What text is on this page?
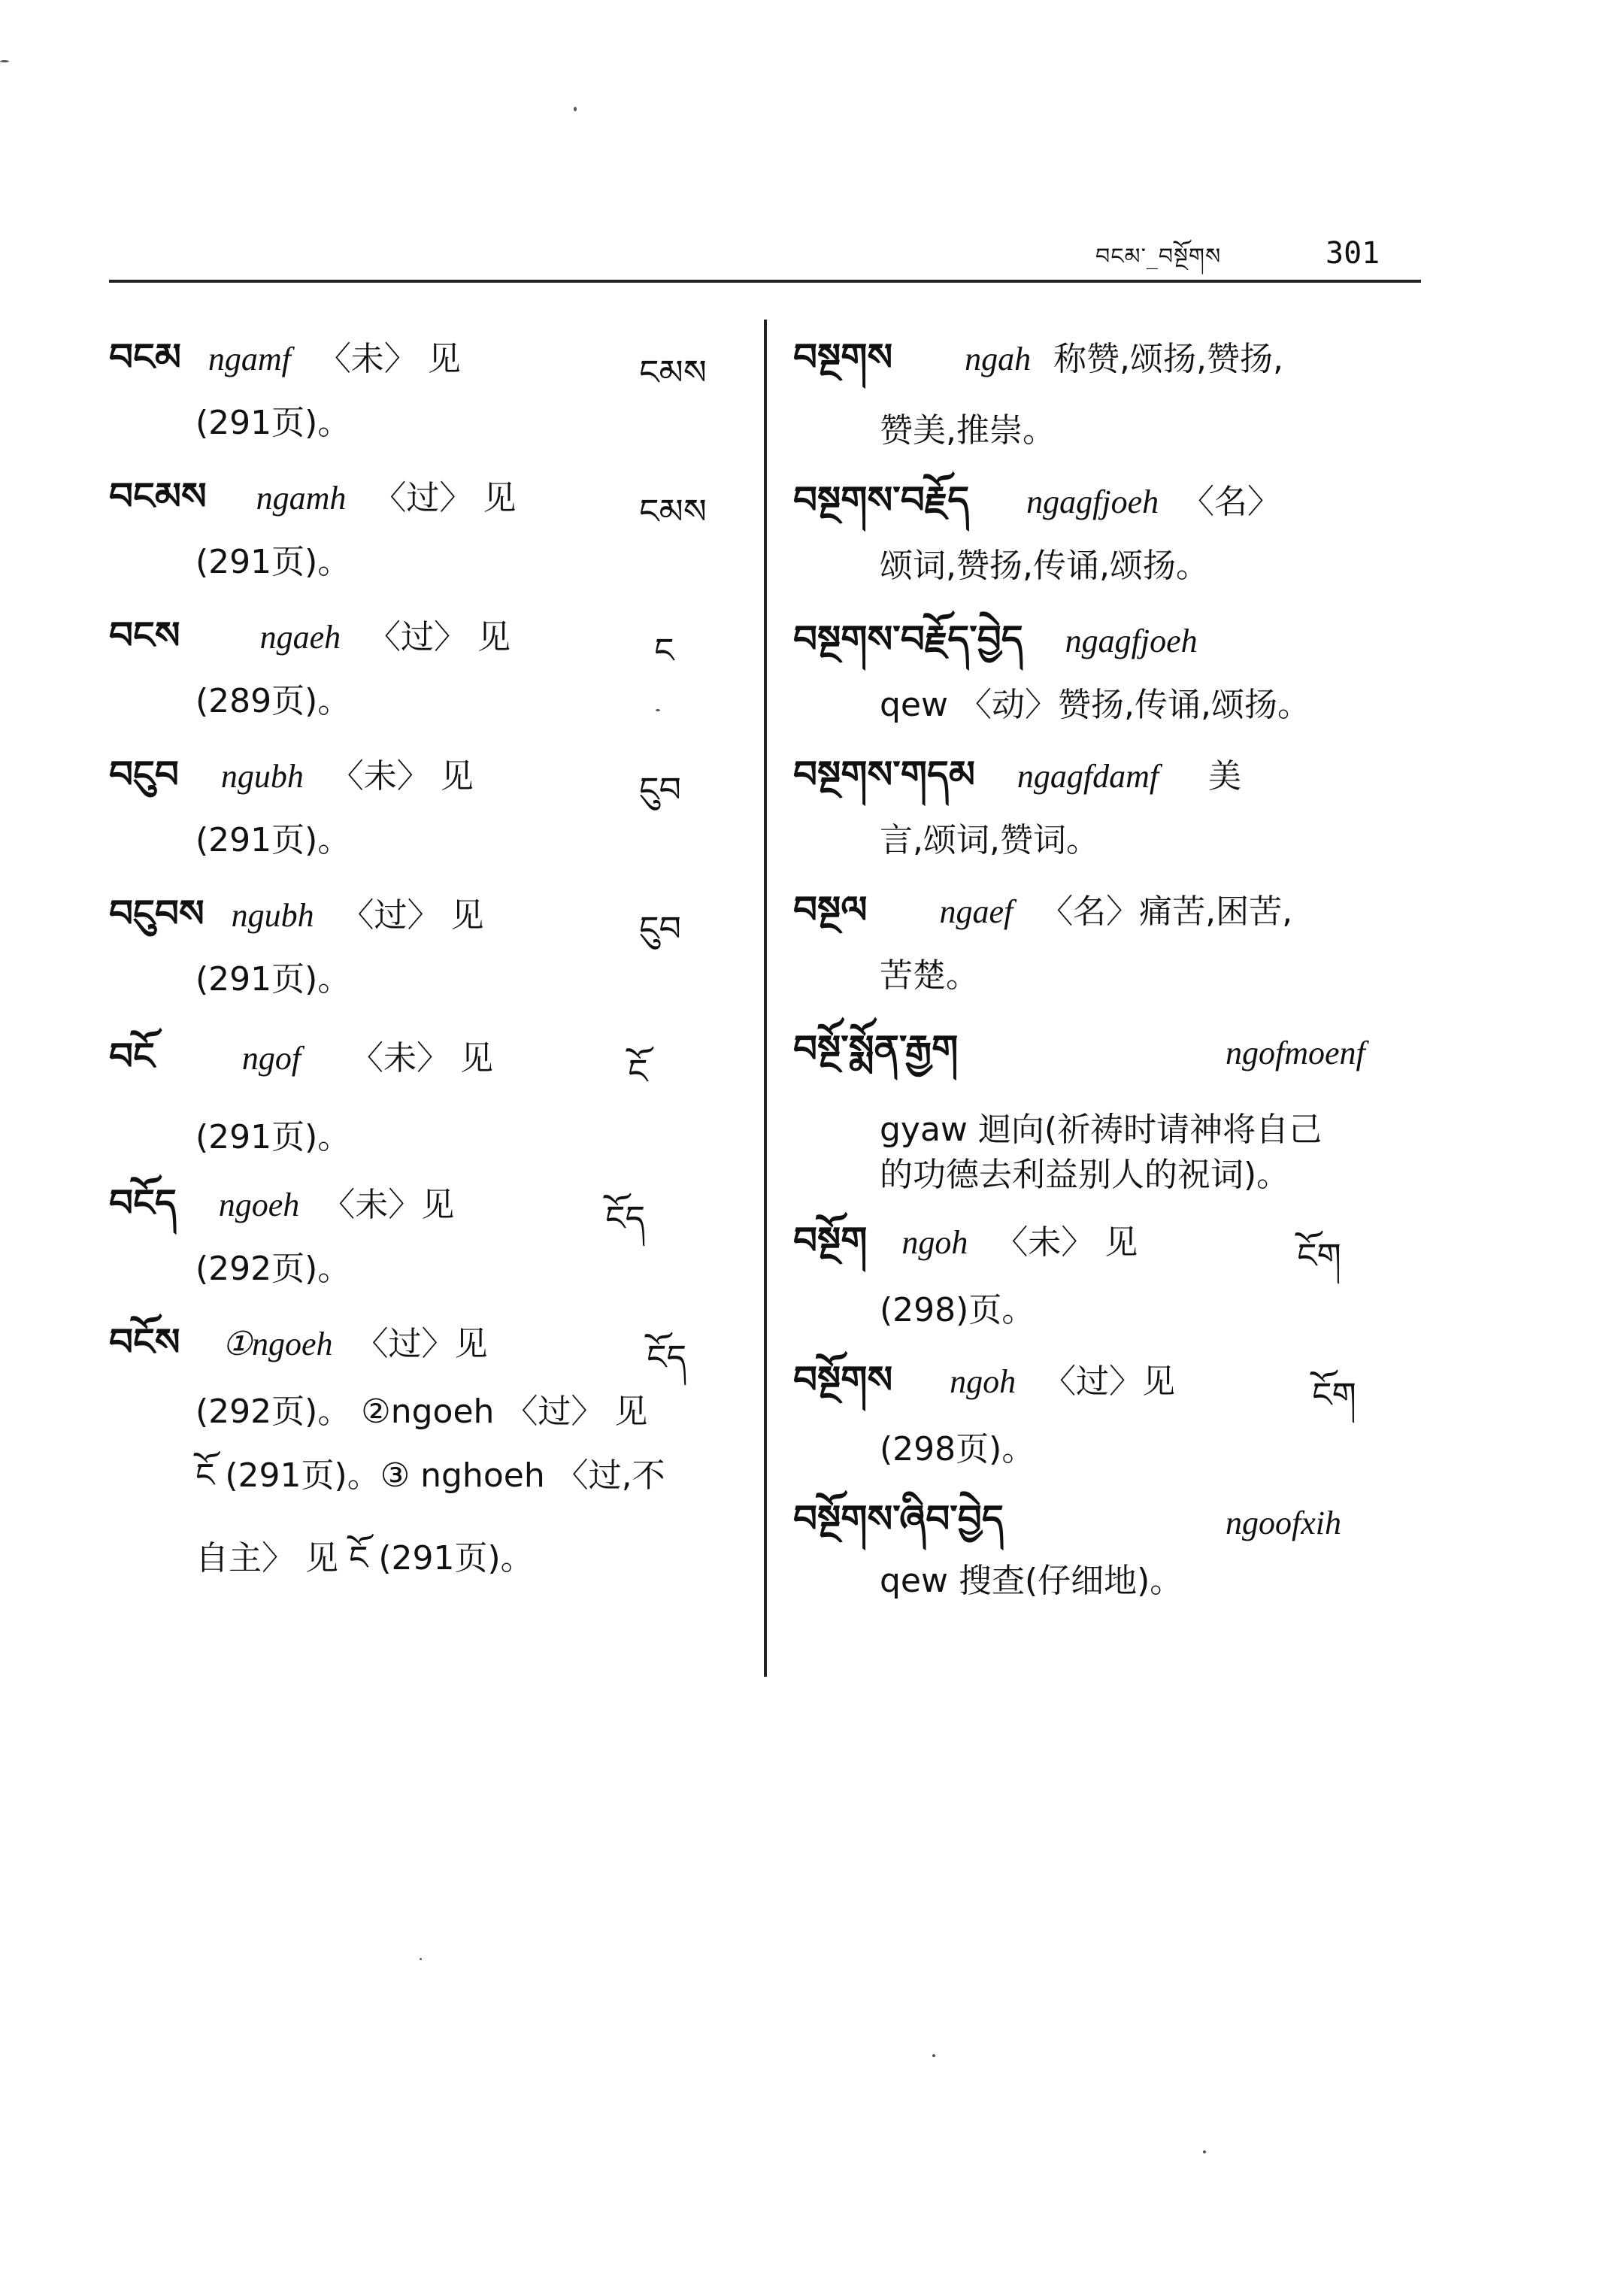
བངམ་_བསྔོགས	301
བངམ ngamf 〈未〉 见	ངམས
(291页)。
བངམས ngamh 〈过〉 见	ངམས
(291页)。
བངས ngaeh 〈过〉 见	ང
(289页)。
བངུབ ngubh 〈未〉 见	ངུབ
(291页)。
བངུབས ngubh 〈过〉 见	ངུབ
(291页)。
བངོ	ngof 〈未〉 见	ངོ
(291页)。
བངོད ngoeh 〈未〉见	ངོད
(292页)。
བངོས ①ngoeh 〈过〉见	ངོད
(292页)。 ②ngoeh 〈过〉 见
ངོ (291页)。③ nghoeh 〈过,不
自主〉 见 ངོ (291页)。
བསྔགས ngah 称赞,颂扬,赞扬,
赞美,推崇。
བསྔགས་བརྗོད ngagfjoeh 〈名〉
颂词,赞扬,传诵,颂扬。
བསྔགས་བརྗོད་བྱེད ngagfjoeh
qew 〈动〉赞扬,传诵,颂扬。
བསྔགས་གདམ ngagfdamf 美
言,颂词,赞词。
བསྔལ ngaef 〈名〉痛苦,困苦,
苦楚。
བསྔོ་སྨོན་རྒྱག	ngofmoenf
gyaw 迴向(祈祷时请神将自己
的功德去利益别人的祝词)。
བསྔོག ngoh 〈未〉 见	ངོག
(298)页。
བསྔོགས ngoh 〈过〉见	ངོག
(298页)。
བསྔོགས་ཞིབ་བྱེད	ngoofxih
qew 搜查(仔细地)。
